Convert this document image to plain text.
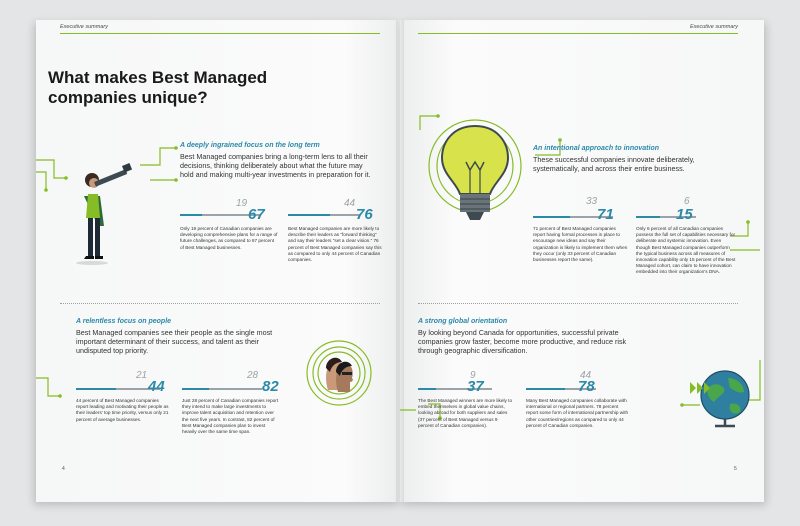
Executive summary	Executive summary
What makes Best Managed companies unique?
A deeply ingrained focus on the long term
Best Managed companies bring a long-term lens to all their decisions, thinking deliberately about what the future may hold and making multi-year investments in preparation for it.
19
67
Only 19 percent of Canadian companies are developing comprehensive plans for a range of future challenges, as compared to 67 percent of Best Managed businesses.
44
76
Best Managed companies are more likely to describe their leaders as “forward thinking” and say their leaders “set a clear vision.” 76 percent of Best Managed companies say this as compared to only 44 percent of Canadian companies.
An intentional approach to innovation
These successful companies innovate deliberately, systematically, and across their entire business.
33
71
71 percent of Best Managed companies report having formal processes in place to encourage new ideas and say their organization is likely to implement them when they occur (only 33 percent of Canadian businesses report the same).
6
15
Only 6 percent of all Canadian companies possess the full set of capabilities necessary for deliberate and systemic innovation. Even though Best Managed companies outperform the typical business across all measures of innovation capability only 15 percent of the Best Managed cohort, can claim to have innovation embedded into their organization’s DNA.
A relentless focus on people
Best Managed companies see their people as the single most important determinant of their success, and talent as their undisputed top priority.
21
44
44 percent of Best Managed companies report leading and motivating their people as their leaders’ top time priority, versus only 21 percent of average businesses.
28
82
Just 28 percent of Canadian companies report they intend to make large investments to improve talent acquisition and retention over the next five years. In contrast, 82 percent of Best Managed companies plan to invest heavily over the same time span.
A strong global orientation
By looking beyond Canada for opportunities, successful private companies grow faster, become more productive, and reduce risk through geographic diversification.
9
37
The Best Managed winners are more likely to embed themselves in global value chains, looking abroad for both suppliers and sales (37 percent of Best Managed versus 9 percent of Canadian companies).
44
78
Many Best Managed companies collaborate with international or regional partners. 78 percent report some form of international partnership with other countries/regions as compared to only 44 percent of Canadian companies.
4	5
